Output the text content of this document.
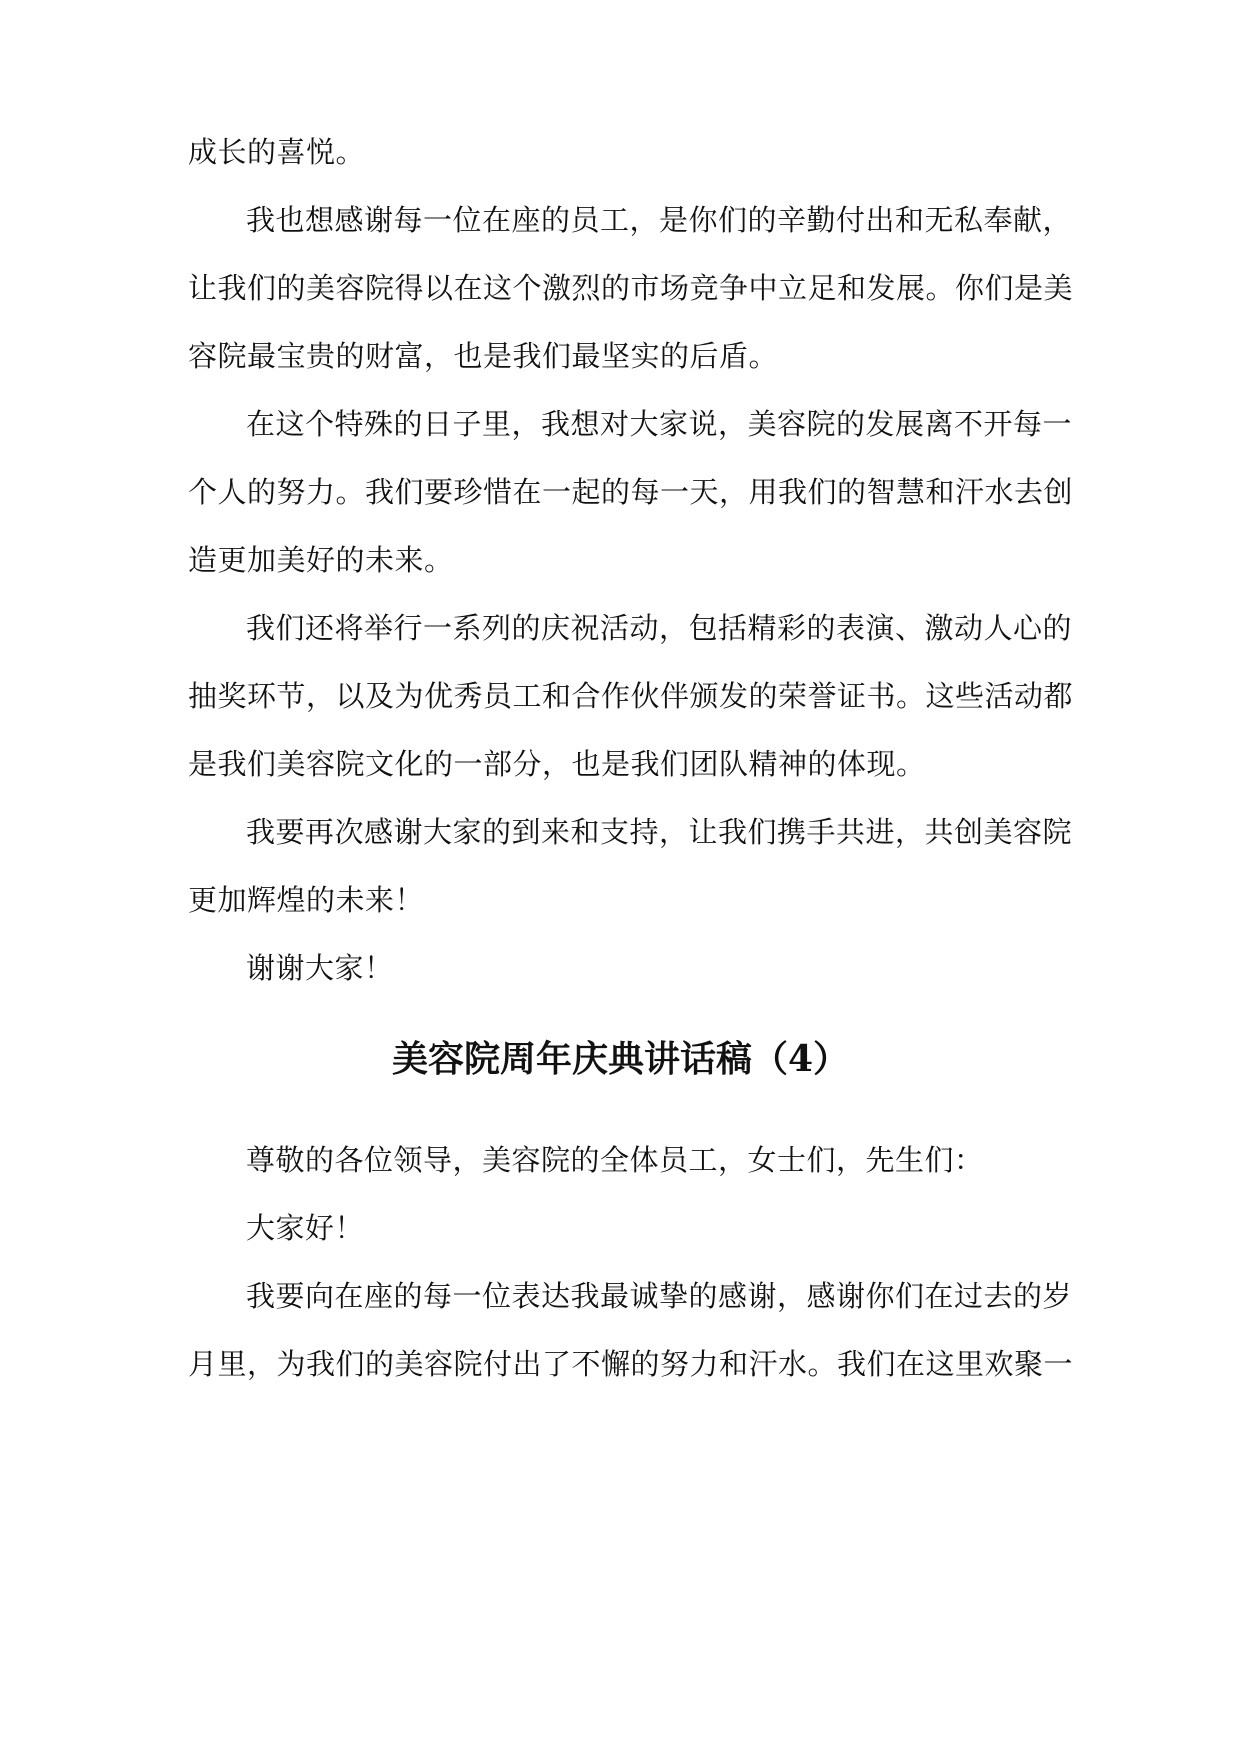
成长的喜悦。
我也想感谢每一位在座的员工，是你们的辛勤付出和无私奉献，
让我们的美容院得以在这个激烈的市场竞争中立足和发展。你们是美
容院最宝贵的财富，也是我们最坚实的后盾。
在这个特殊的日子里，我想对大家说，美容院的发展离不开每一
个人的努力。我们要珍惜在一起的每一天，用我们的智慧和汗水去创
造更加美好的未来。
我们还将举行一系列的庆祝活动，包括精彩的表演、激动人心的
抽奖环节，以及为优秀员工和合作伙伴颁发的荣誉证书。这些活动都
是我们美容院文化的一部分，也是我们团队精神的体现。
我要再次感谢大家的到来和支持，让我们携手共进，共创美容院
更加辉煌的未来！
谢谢大家！
美容院周年庆典讲话稿（4）
尊敬的各位领导，美容院的全体员工，女士们，先生们：
大家好！
我要向在座的每一位表达我最诚挚的感谢，感谢你们在过去的岁
月里，为我们的美容院付出了不懈的努力和汗水。我们在这里欢聚一
